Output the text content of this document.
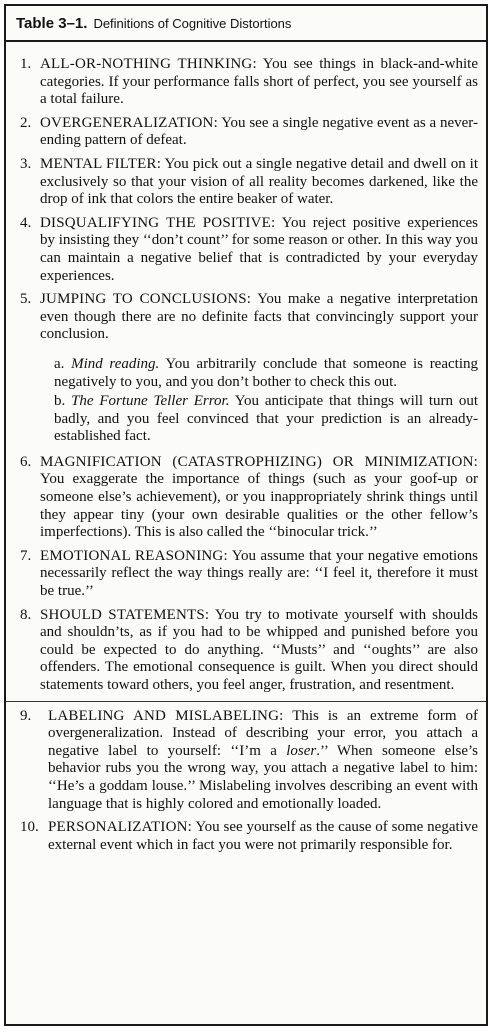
Table 3–1. Definitions of Cognitive Distortions
1. ALL-OR-NOTHING THINKING: You see things in black-and-white categories. If your performance falls short of perfect, you see yourself as a total failure.
2. OVERGENERALIZATION: You see a single negative event as a never-ending pattern of defeat.
3. MENTAL FILTER: You pick out a single negative detail and dwell on it exclusively so that your vision of all reality becomes darkened, like the drop of ink that colors the entire beaker of water.
4. DISQUALIFYING THE POSITIVE: You reject positive experiences by insisting they ‘‘don’t count’’ for some reason or other. In this way you can maintain a negative belief that is contradicted by your everyday experiences.
5. JUMPING TO CONCLUSIONS: You make a negative interpretation even though there are no definite facts that convincingly support your conclusion.
a. Mind reading. You arbitrarily conclude that someone is reacting negatively to you, and you don’t bother to check this out.
b. The Fortune Teller Error. You anticipate that things will turn out badly, and you feel convinced that your prediction is an already-established fact.
6. MAGNIFICATION (CATASTROPHIZING) OR MINIMIZATION: You exaggerate the importance of things (such as your goof-up or someone else’s achievement), or you inappropriately shrink things until they appear tiny (your own desirable qualities or the other fellow’s imperfections). This is also called the ‘‘binocular trick.’’
7. EMOTIONAL REASONING: You assume that your negative emotions necessarily reflect the way things really are: ‘‘I feel it, therefore it must be true.’’
8. SHOULD STATEMENTS: You try to motivate yourself with shoulds and shouldn’ts, as if you had to be whipped and punished before you could be expected to do anything. ‘‘Musts’’ and ‘‘oughts’’ are also offenders. The emotional consequence is guilt. When you direct should statements toward others, you feel anger, frustration, and resentment.
9.	LABELING AND MISLABELING: This is an extreme form of overgeneralization. Instead of describing your error, you attach a negative label to yourself: ‘‘I’m a loser.’’ When someone else’s behavior rubs you the wrong way, you attach a negative label to him: ‘‘He’s a goddam louse.’’ Mislabeling involves describing an event with language that is highly colored and emotionally loaded.
10. PERSONALIZATION: You see yourself as the cause of some negative external event which in fact you were not primarily responsible for.
